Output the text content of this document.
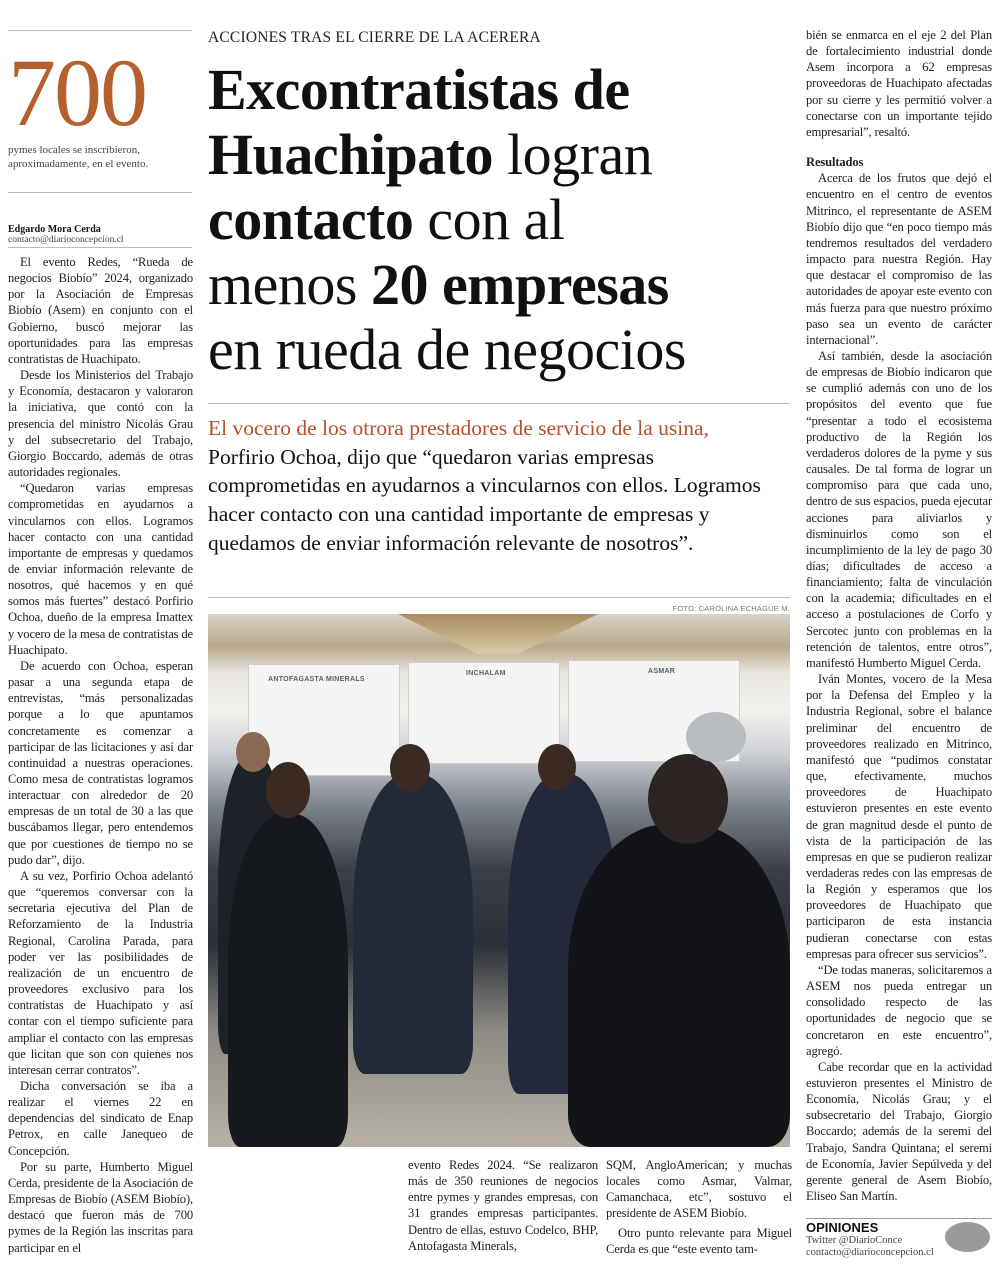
700
pymes locales se inscribieron, aproximadamente, en el evento.
Edgardo Mora Cerda
contacto@diarioconcepcion.cl

El evento Redes, “Rueda de negocios Biobío” 2024, organizado por la Asociación de Empresas Biobío (Asem) en conjunto con el Gobierno, buscó mejorar las oportunidades para las empresas contratistas de Huachipato.

Desde los Ministerios del Trabajo y Economía, destacaron y valoraron la iniciativa, que contó con la presencia del ministro Nicolás Grau y del subsecretario del Trabajo, Giorgio Boccardo, además de otras autoridades regionales.

“Quedaron varias empresas comprometidas en ayudarnos a vincularnos con ellos. Logramos hacer contacto con una cantidad importante de empresas y quedamos de enviar información relevante de nosotros, qué hacemos y en qué somos más fuertes” destacó Porfirio Ochoa, dueño de la empresa Imattex y vocero de la mesa de contratistas de Huachipato.

De acuerdo con Ochoa, esperan pasar a una segunda etapa de entrevistas, “más personalizadas porque a lo que apuntamos concretamente es comenzar a participar de las licitaciones y así dar continuidad a nuestras operaciones. Como mesa de contratistas logramos interactuar con alrededor de 20 empresas de un total de 30 a las que buscábamos llegar, pero entendemos que por cuestiones de tiempo no se pudo dar”, dijo.

A su vez, Porfirio Ochoa adelantó que “queremos conversar con la secretaria ejecutiva del Plan de Reforzamiento de la Industria Regional, Carolina Parada, para poder ver las posibilidades de realización de un encuentro de proveedores exclusivo para los contratistas de Huachipato y así contar con el tiempo suficiente para ampliar el contacto con las empresas que licitan que son con quienes nos interesan cerrar contratos”.

Dicha conversación se iba a realizar el viernes 22 en dependencias del sindicato de Enap Petrox, en calle Janequeo de Concepción.

Por su parte, Humberto Miguel Cerda, presidente de la Asociación de Empresas de Biobío (ASEM Biobío), destacó que fueron más de 700 pymes de la Región las inscritas para participar en el

ACCIONES TRAS EL CIERRE DE LA ACERERA
Excontratistas de
Huachipato logran
contacto con al
menos 20 empresas
en rueda de negocios
El vocero de los otrora prestadores de servicio de la usina,
Porfirio Ochoa, dijo que “quedaron varias empresas comprometidas en ayudarnos a vincularnos con ellos. Logramos hacer contacto con una cantidad importante de empresas y quedamos de enviar información relevante de nosotros”.
FOTO: CAROLINA ECHAGÜE M.
ANTOFAGASTA MINERALS
INCHALAM	ASMAR

evento Redes 2024. “Se realizaron más de 350 reuniones de negocios entre pymes y grandes empresas, con 31 grandes empresas participantes. Dentro de ellas, estuvo Codelco, BHP, Antofagasta Minerals,

SQM, AngloAmerican; y muchas locales como Asmar, Valmar, Camanchaca, etc”, sostuvo el presidente de ASEM Biobío.

Otro punto relevante para Miguel Cerda es que “este evento tam-

bién se enmarca en el eje 2 del Plan de fortalecimiento industrial donde Asem incorpora a 62 empresas proveedoras de Huachipato afectadas por su cierre y les permitió volver a conectarse con un importante tejido empresarial”, resaltó.

Resultados

Acerca de los frutos que dejó el encuentro en el centro de eventos Mitrinco, el representante de ASEM Biobío dijo que “en poco tiempo más tendremos resultados del verdadero impacto para nuestra Región. Hay que destacar el compromiso de las autoridades de apoyar este evento con más fuerza para que nuestro próximo paso sea un evento de carácter internacional”.

Así también, desde la asociación de empresas de Biobío indicaron que se cumplió además con uno de los propósitos del evento que fue “presentar a todo el ecosistema productivo de la Región los verdaderos dolores de la pyme y sus causales. De tal forma de lograr un compromiso para que cada uno, dentro de sus espacios, pueda ejecutar acciones para aliviarlos y disminuirlos como son el incumplimiento de la ley de pago 30 días; dificultades de acceso a financiamiento; falta de vinculación con la academia; dificultades en el acceso a postulaciones de Corfo y Sercotec junto con problemas en la retención de talentos, entre otros”, manifestó Humberto Miguel Cerda.

Iván Montes, vocero de la Mesa por la Defensa del Empleo y la Industria Regional, sobre el balance preliminar del encuentro de proveedores realizado en Mitrinco, manifestó que “pudimos constatar que, efectivamente, muchos proveedores de Huachipato estuvieron presentes en este evento de gran magnitud desde el punto de vista de la participación de las empresas en que se pudieron realizar verdaderas redes con las empresas de la Región y esperamos que los proveedores de Huachipato que participaron de esta instancia pudieran conectarse con estas empresas para ofrecer sus servicios”.

“De todas maneras, solicitaremos a ASEM nos pueda entregar un consolidado respecto de las oportunidades de negocio que se concretaron en este encuentro”, agregó.

Cabe recordar que en la actividad estuvieron presentes el Ministro de Economía, Nicolás Grau; y el subsecretario del Trabajo, Giorgio Boccardo; además de la seremi del Trabajo, Sandra Quintana; el seremi de Economía, Javier Sepúlveda y del gerente general de Asem Biobío, Eliseo San Martín.

OPINIONES
Twitter @DiarioConce
contacto@diarioconcepcion.cl
